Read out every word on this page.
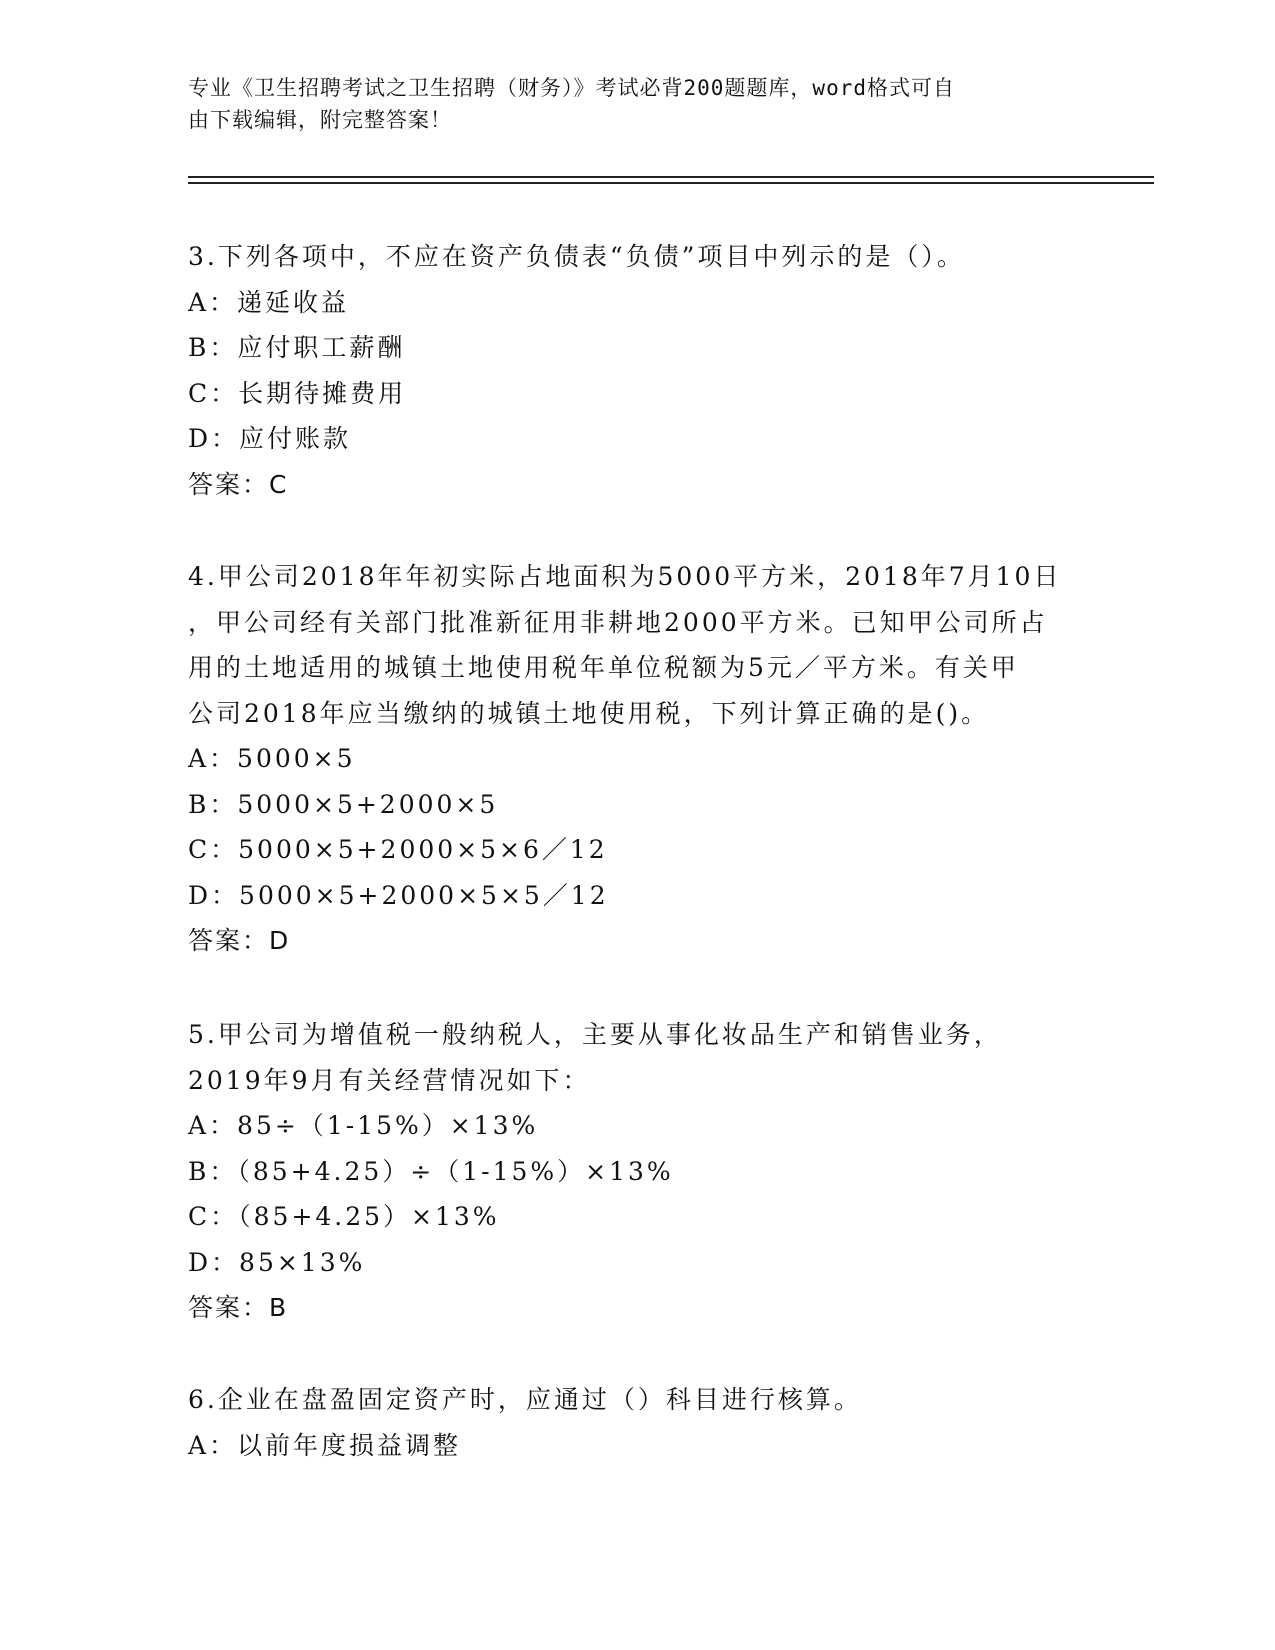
专业《卫生招聘考试之卫生招聘（财务）》考试必背200题题库，word格式可自
由下载编辑，附完整答案！
3.下列各项中，不应在资产负债表“负债”项目中列示的是（）。
A：递延收益
B：应付职工薪酬
C：长期待摊费用
D：应付账款
答案：C
4.甲公司2018年年初实际占地面积为5000平方米，2018年7月10日
，甲公司经有关部门批准新征用非耕地2000平方米。已知甲公司所占
用的土地适用的城镇土地使用税年单位税额为5元／平方米。有关甲
公司2018年应当缴纳的城镇土地使用税，下列计算正确的是()。
A：5000×5
B：5000×5+2000×5
C：5000×5+2000×5×6／12
D：5000×5+2000×5×5／12
答案：D
5.甲公司为增值税一般纳税人，主要从事化妆品生产和销售业务，
2019年9月有关经营情况如下：
A：85÷（1-15%）×13%
B：（85+4.25）÷（1-15%）×13%
C：（85+4.25）×13%
D：85×13%
答案：B
6.企业在盘盈固定资产时，应通过（）科目进行核算。
A：以前年度损益调整
